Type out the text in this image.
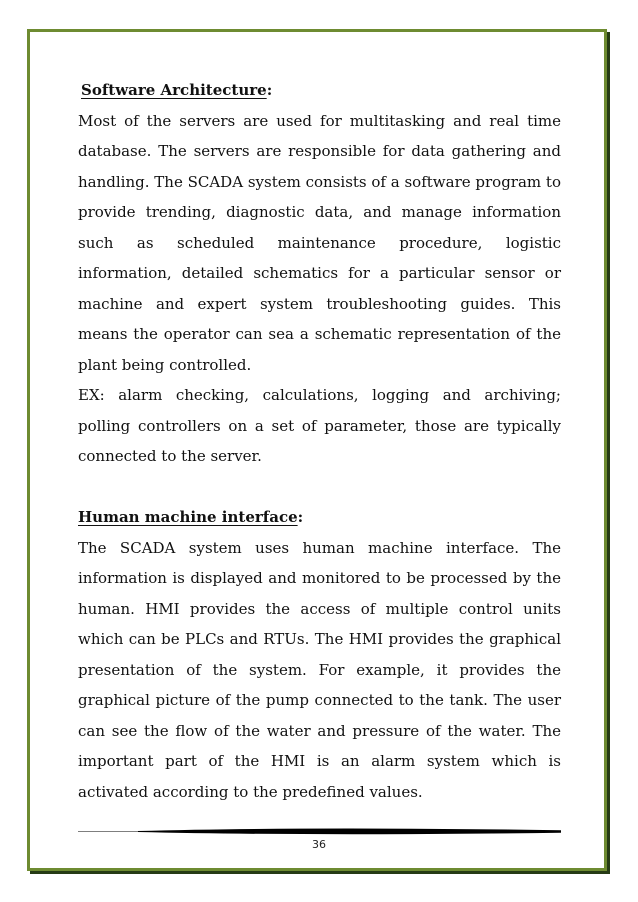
Software Architecture:

Most of the servers are used for multitasking and real time database. The servers are responsible for data gathering and handling. The SCADA system consists of a software program to provide trending, diagnostic data, and manage information such as scheduled maintenance procedure, logistic information, detailed schematics for a particular sensor or machine and expert system troubleshooting guides. This means the operator can sea a schematic representation of the plant being controlled.

EX: alarm checking, calculations, logging and archiving; polling controllers on a set of parameter, those are typically connected to the server.

Human machine interface:

The SCADA system uses human machine interface. The information is displayed and monitored to be processed by the human. HMI provides the access of multiple control units which can be PLCs and RTUs. The HMI provides the graphical presentation of the system. For example, it provides the graphical picture of the pump connected to the tank. The user can see the flow of the water and pressure of the water. The important part of the HMI is an alarm system which is activated according to the predefined values.

36
